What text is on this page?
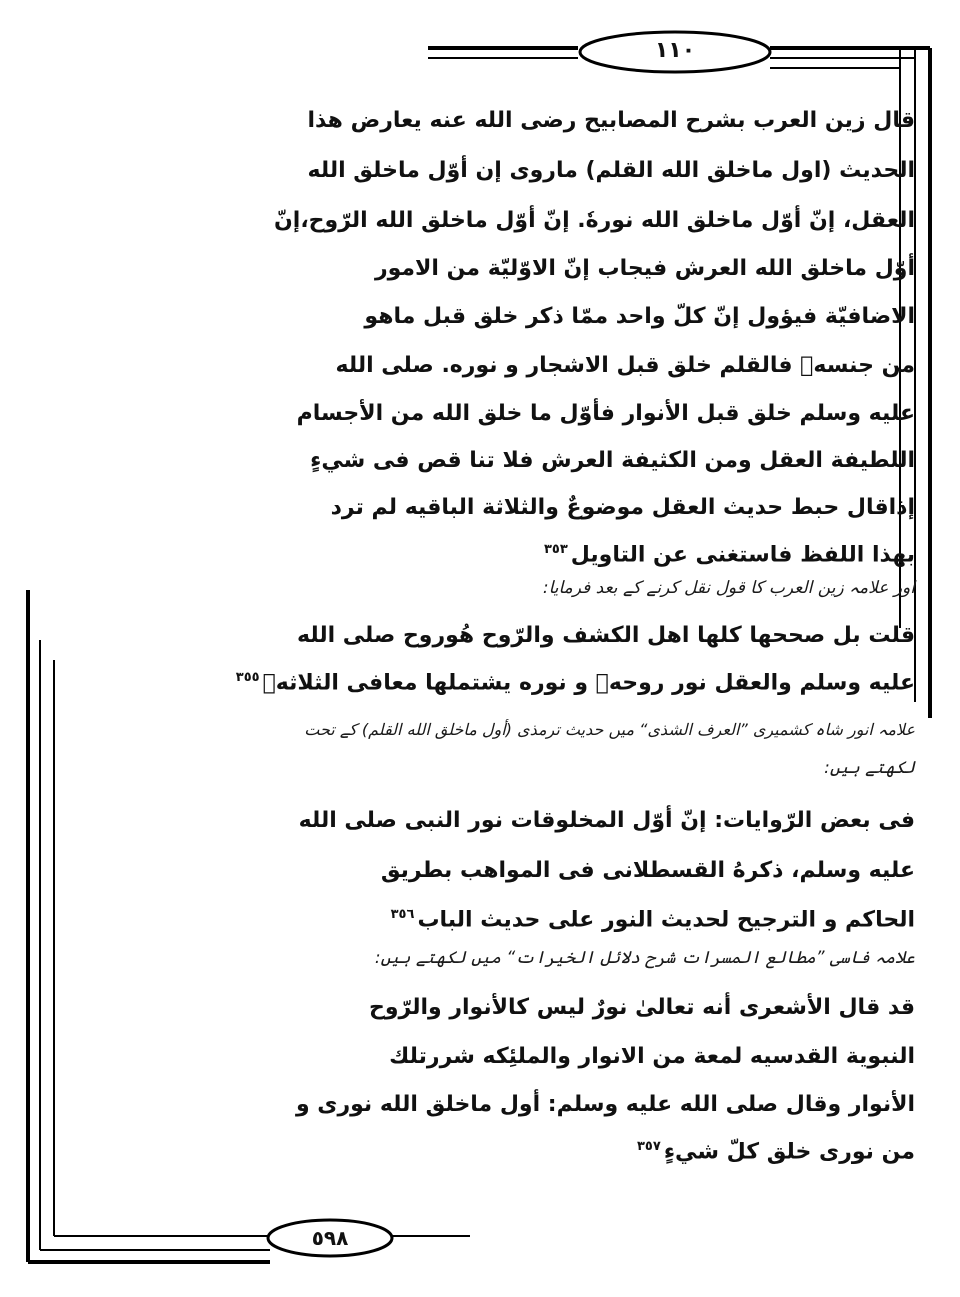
١١٠
٥٩٨
قال زين العرب بشرح المصابيح رضى الله عنه يعارض هذا
الحديث (اول ماخلق الله القلم) ماروى إن أوّل ماخلق الله
العقل، إنّ أوّل ماخلق الله نورهٗ. إنّ أوّل ماخلق الله الرّوح،إنّ
أوّل ماخلق الله العرش فيجاب إنّ الاوّليّة من الامور
الاضافيّة فيؤول إنّ كلّ واحد ممّا ذكر خلق قبل ماهو
من جنسهٖ فالقلم خلق قبل الاشجار و نوره. صلى الله
عليه وسلم خلق قبل الأنوار فأوّل ما خلق الله من الأجسام
اللطيفة العقل ومن الكثيفة العرش فلا تنا قص فى شيءٍ
إذاقال حبط حديث العقل موضوعٌ والثلاثة الباقيه لم ترد
بهذا اللفظ فاستغنى عن التاويل$^{٣٥٣}$
اور علامہ زین العرب کا قول نقل کرنے کے بعد فرمایا:
قلت بل صححها كلها اهل الكشف والرّوح هُوروح صلى الله
عليه وسلم والعقل نور روحهٖ و نوره يشتملها معافى الثلاثهٖ$^{٣٥٥}$
علامہ انور شاہ کشمیری ”العرف الشذی“ میں حدیث ترمذی (أول ماخلق الله القلم) کے تحت
لکھتے ہیں:
فى بعض الرّوايات: إنّ أوّل المخلوقات نور النبى صلى الله
عليه وسلم، ذكرهُ القسطلانى فى المواهب بطريق
الحاكم و الترجيح لحديث النور على حديث الباب$^{٣٥٦}$
علامہ فاسی ”مطالع المسرات شرح دلائل الخيرات“ میں لکھتے ہیں:
قد قال الأشعرى أنه تعالىٰ نورٌ ليس كالأنوار والرّوح
النبوية القدسيه لمعة من الانوار والملئِكه شررتلك
الأنوار وقال صلى الله عليه وسلم: أول ماخلق الله نورى و
من نورى خلق كلّ شيءٍ$^{٣٥٧}$
